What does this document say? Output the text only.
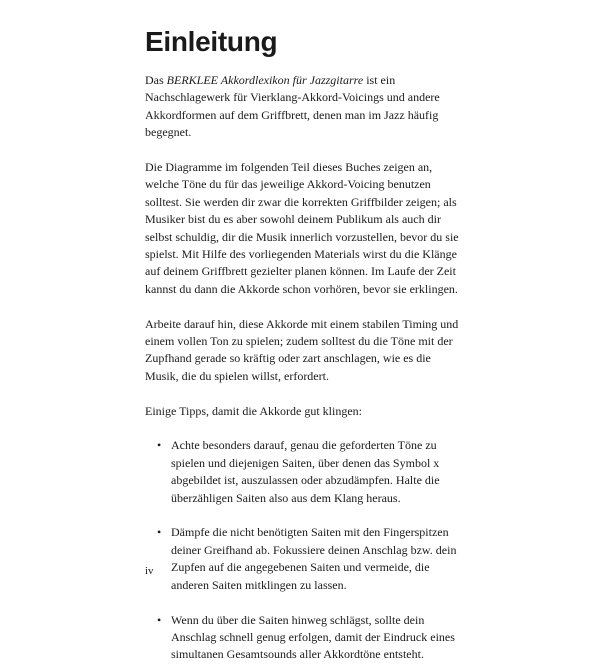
Einleitung

Das BERKLEE Akkordlexikon für Jazzgitarre ist ein Nachschlagewerk für Vierklang-Akkord-Voicings und andere Akkordformen auf dem Griffbrett, denen man im Jazz häufig begegnet.

Die Diagramme im folgenden Teil dieses Buches zeigen an, welche Töne du für das jeweilige Akkord-Voicing benutzen solltest. Sie werden dir zwar die korrekten Griffbilder zeigen; als Musiker bist du es aber sowohl deinem Publikum als auch dir selbst schuldig, dir die Musik innerlich vorzustellen, bevor du sie spielst. Mit Hilfe des vorliegenden Materials wirst du die Klänge auf deinem Griffbrett gezielter planen können. Im Laufe der Zeit kannst du dann die Akkorde schon vorhören, bevor sie erklingen.

Arbeite darauf hin, diese Akkorde mit einem stabilen Timing und einem vollen Ton zu spielen; zudem solltest du die Töne mit der Zupfhand gerade so kräftig oder zart anschlagen, wie es die Musik, die du spielen willst, erfordert.

Einige Tipps, damit die Akkorde gut klingen:

• Achte besonders darauf, genau die geforderten Töne zu spielen und diejenigen Saiten, über denen das Symbol x abgebildet ist, auszulassen oder abzudämpfen. Halte die überzähligen Saiten also aus dem Klang heraus.
• Dämpfe die nicht benötigten Saiten mit den Fingerspitzen deiner Greifhand ab. Fokussiere deinen Anschlag bzw. dein Zupfen auf die angegebenen Saiten und vermeide, die anderen Saiten mitklingen zu lassen.
• Wenn du über die Saiten hinweg schlägst, sollte dein Anschlag schnell genug erfolgen, damit der Eindruck eines simultanen Gesamtsounds aller Akkordtöne entsteht.
iv
